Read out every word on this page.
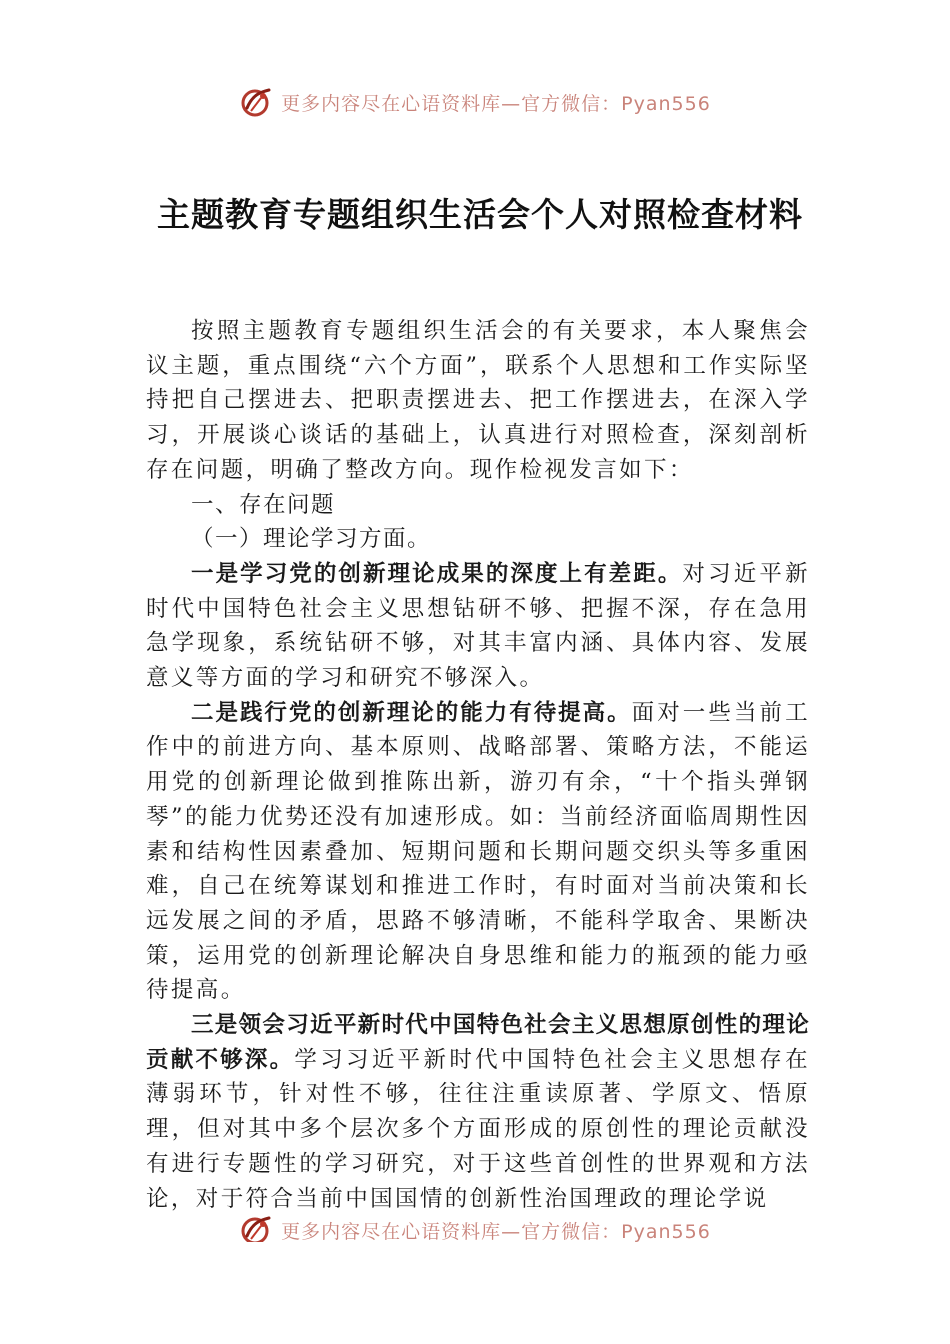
更多内容尽在心语资料库—官方微信：Pyan556
主题教育专题组织生活会个人对照检查材料

按照主题教育专题组织生活会的有关要求，本人聚焦会议主题，重点围绕“六个方面”，联系个人思想和工作实际坚持把自己摆进去、把职责摆进去、把工作摆进去，在深入学习，开展谈心谈话的基础上，认真进行对照检查，深刻剖析存在问题，明确了整改方向。现作检视发言如下：

一、存在问题

（一）理论学习方面。

一是学习党的创新理论成果的深度上有差距。对习近平新时代中国特色社会主义思想钻研不够、把握不深，存在急用急学现象，系统钻研不够，对其丰富内涵、具体内容、发展意义等方面的学习和研究不够深入。

二是践行党的创新理论的能力有待提高。面对一些当前工作中的前进方向、基本原则、战略部署、策略方法，不能运用党的创新理论做到推陈出新，游刃有余，“十个指头弹钢琴”的能力优势还没有加速形成。如：当前经济面临周期性因素和结构性因素叠加、短期问题和长期问题交织头等多重困难，自己在统筹谋划和推进工作时，有时面对当前决策和长远发展之间的矛盾，思路不够清晰，不能科学取舍、果断决策，运用党的创新理论解决自身思维和能力的瓶颈的能力亟待提高。

三是领会习近平新时代中国特色社会主义思想原创性的理论贡献不够深。学习习近平新时代中国特色社会主义思想存在薄弱环节，针对性不够，往往注重读原著、学原文、悟原理，但对其中多个层次多个方面形成的原创性的理论贡献没有进行专题性的学习研究，对于这些首创性的世界观和方法论，对于符合当前中国国情的创新性治国理政的理论学说

更多内容尽在心语资料库—官方微信：Pyan556
